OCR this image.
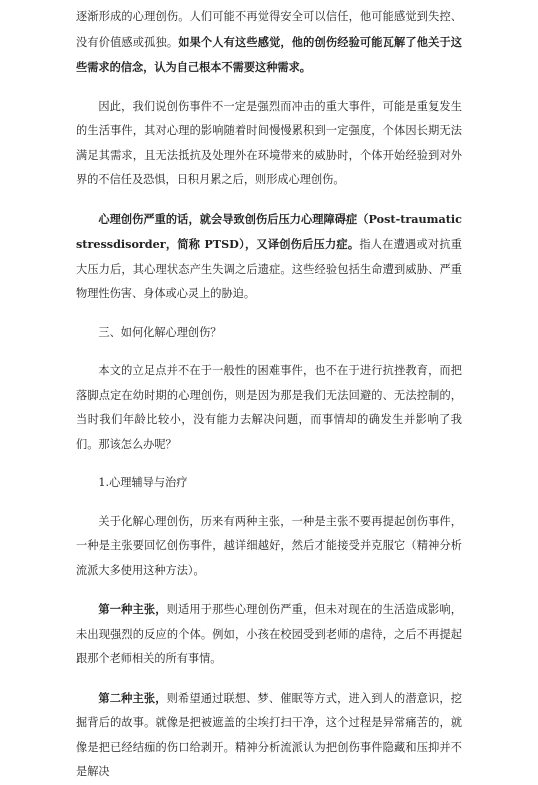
逐渐形成的心理创伤。人们可能不再觉得安全可以信任，他可能感觉到失控、没有价值感或孤独。如果个人有这些感觉，他的创伤经验可能瓦解了他关于这些需求的信念，认为自己根本不需要这种需求。

因此，我们说创伤事件不一定是强烈而冲击的重大事件，可能是重复发生的生活事件，其对心理的影响随着时间慢慢累积到一定强度，个体因长期无法满足其需求，且无法抵抗及处理外在环境带来的威胁时，个体开始经验到对外界的不信任及恐惧，日积月累之后，则形成心理创伤。

心理创伤严重的话，就会导致创伤后压力心理障碍症（Post-traumaticstressdisorder，简称 PTSD），又译创伤后压力症。指人在遭遇或对抗重大压力后，其心理状态产生失调之后遗症。这些经验包括生命遭到威胁、严重物理性伤害、身体或心灵上的胁迫。

三、如何化解心理创伤？

本文的立足点并不在于一般性的困难事件，也不在于进行抗挫教育，而把落脚点定在幼时期的心理创伤，则是因为那是我们无法回避的、无法控制的，当时我们年龄比较小，没有能力去解决问题，而事情却的确发生并影响了我们。那该怎么办呢？

1.心理辅导与治疗

关于化解心理创伤，历来有两种主张，一种是主张不要再提起创伤事件，一种是主张要回忆创伤事件，越详细越好，然后才能接受并克服它（精神分析流派大多使用这种方法）。

第一种主张，则适用于那些心理创伤严重，但未对现在的生活造成影响，未出现强烈的反应的个体。例如，小孩在校园受到老师的虐待，之后不再提起跟那个老师相关的所有事情。

第二种主张，则希望通过联想、梦、催眠等方式，进入到人的潜意识，挖掘背后的故事。就像是把被遮盖的尘埃打扫干净，这个过程是异常痛苦的，就像是把已经结痂的伤口给剥开。精神分析流派认为把创伤事件隐藏和压抑并不是解决
